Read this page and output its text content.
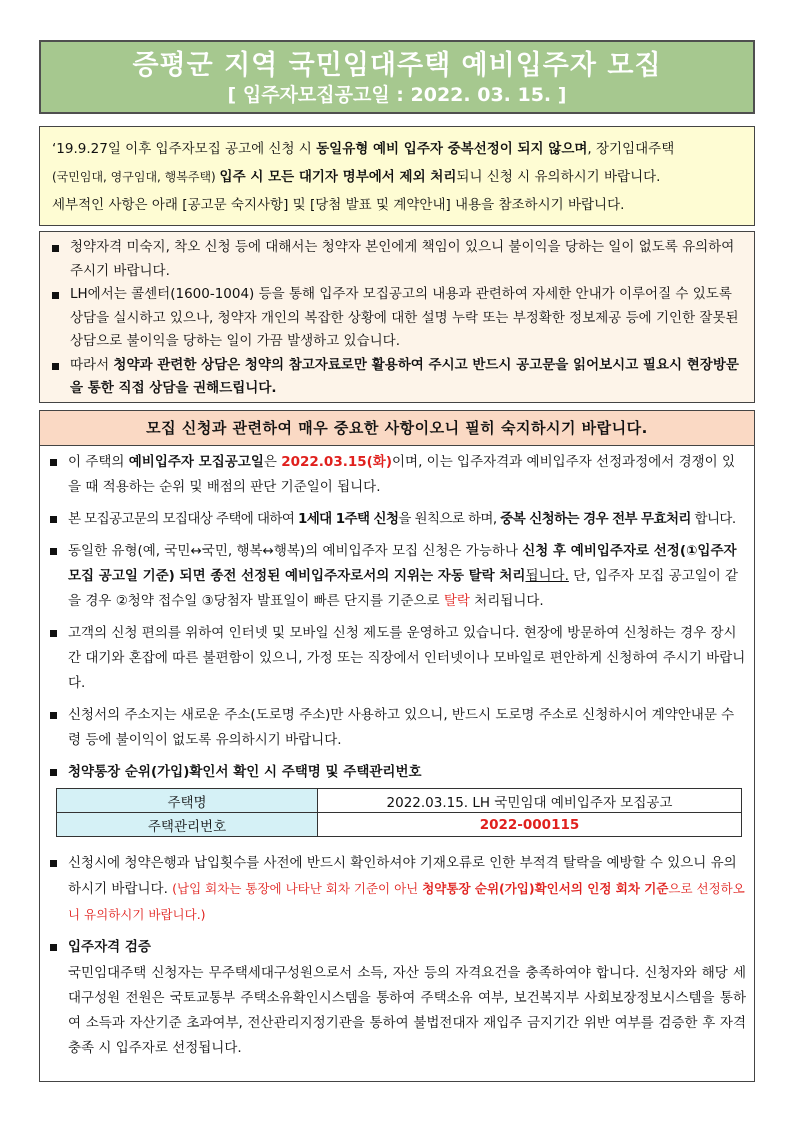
증평군 지역 국민임대주택 예비입주자 모집
[ 입주자모집공고일 : 2022. 03. 15. ]

‘19.9.27일 이후 입주자모집 공고에 신청 시 동일유형 예비 입주자 중복선정이 되지 않으며, 장기임대주택

(국민임대, 영구임대, 행복주택) 입주 시 모든 대기자 명부에서 제외 처리되니 신청 시 유의하시기 바랍니다.

세부적인 사항은 아래 [공고문 숙지사항] 및 [당첨 발표 및 계약안내] 내용을 참조하시기 바랍니다.

청약자격 미숙지, 착오 신청 등에 대해서는 청약자 본인에게 책임이 있으니 불이익을 당하는 일이 없도록 유의하여 주시기 바랍니다.
LH에서는 콜센터(1600-1004) 등을 통해 입주자 모집공고의 내용과 관련하여 자세한 안내가 이루어질 수 있도록 상담을 실시하고 있으나, 청약자 개인의 복잡한 상황에 대한 설명 누락 또는 부정확한 정보제공 등에 기인한 잘못된 상담으로 불이익을 당하는 일이 가끔 발생하고 있습니다.
따라서 청약과 관련한 상담은 청약의 참고자료로만 활용하여 주시고 반드시 공고문을 읽어보시고 필요시 현장방문을 통한 직접 상담을 권해드립니다.
모집 신청과 관련하여 매우 중요한 사항이오니 필히 숙지하시기 바랍니다.
이 주택의 예비입주자 모집공고일은 2022.03.15(화)이며, 이는 입주자격과 예비입주자 선정과정에서 경쟁이 있을 때 적용하는 순위 및 배점의 판단 기준일이 됩니다.
본 모집공고문의 모집대상 주택에 대하여 1세대 1주택 신청을 원칙으로 하며, 중복 신청하는 경우 전부 무효처리 합니다.
동일한 유형(예, 국민↔국민, 행복↔행복)의 예비입주자 모집 신청은 가능하나 신청 후 예비입주자로 선정(①입주자모집 공고일 기준) 되면 종전 선정된 예비입주자로서의 지위는 자동 탈락 처리됩니다. 단, 입주자 모집 공고일이 같을 경우 ②청약 접수일 ③당첨자 발표일이 빠른 단지를 기준으로 탈락 처리됩니다.
고객의 신청 편의를 위하여 인터넷 및 모바일 신청 제도를 운영하고 있습니다. 현장에 방문하여 신청하는 경우 장시간 대기와 혼잡에 따른 불편함이 있으니, 가정 또는 직장에서 인터넷이나 모바일로 편안하게 신청하여 주시기 바랍니다.
신청서의 주소지는 새로운 주소(도로명 주소)만 사용하고 있으니, 반드시 도로명 주소로 신청하시어 계약안내문 수령 등에 불이익이 없도록 유의하시기 바랍니다.
청약통장 순위(가입)확인서 확인 시 주택명 및 주택관리번호
주택명	2022.03.15. LH 국민임대 예비입주자 모집공고
주택관리번호	2022-000115
신청시에 청약은행과 납입횟수를 사전에 반드시 확인하셔야 기재오류로 인한 부적격 탈락을 예방할 수 있으니 유의하시기 바랍니다. (납입 회차는 통장에 나타난 회차 기준이 아닌 청약통장 순위(가입)확인서의 인정 회차 기준으로 선정하오니 유의하시기 바랍니다.)
입주자격 검증
국민임대주택 신청자는 무주택세대구성원으로서 소득, 자산 등의 자격요건을 충족하여야 합니다. 신청자와 해당 세대구성원 전원은 국토교통부 주택소유확인시스템을 통하여 주택소유 여부, 보건복지부 사회보장정보시스템을 통하여 소득과 자산기준 초과여부, 전산관리지정기관을 통하여 불법전대자 재입주 금지기간 위반 여부를 검증한 후 자격 충족 시 입주자로 선정됩니다.
